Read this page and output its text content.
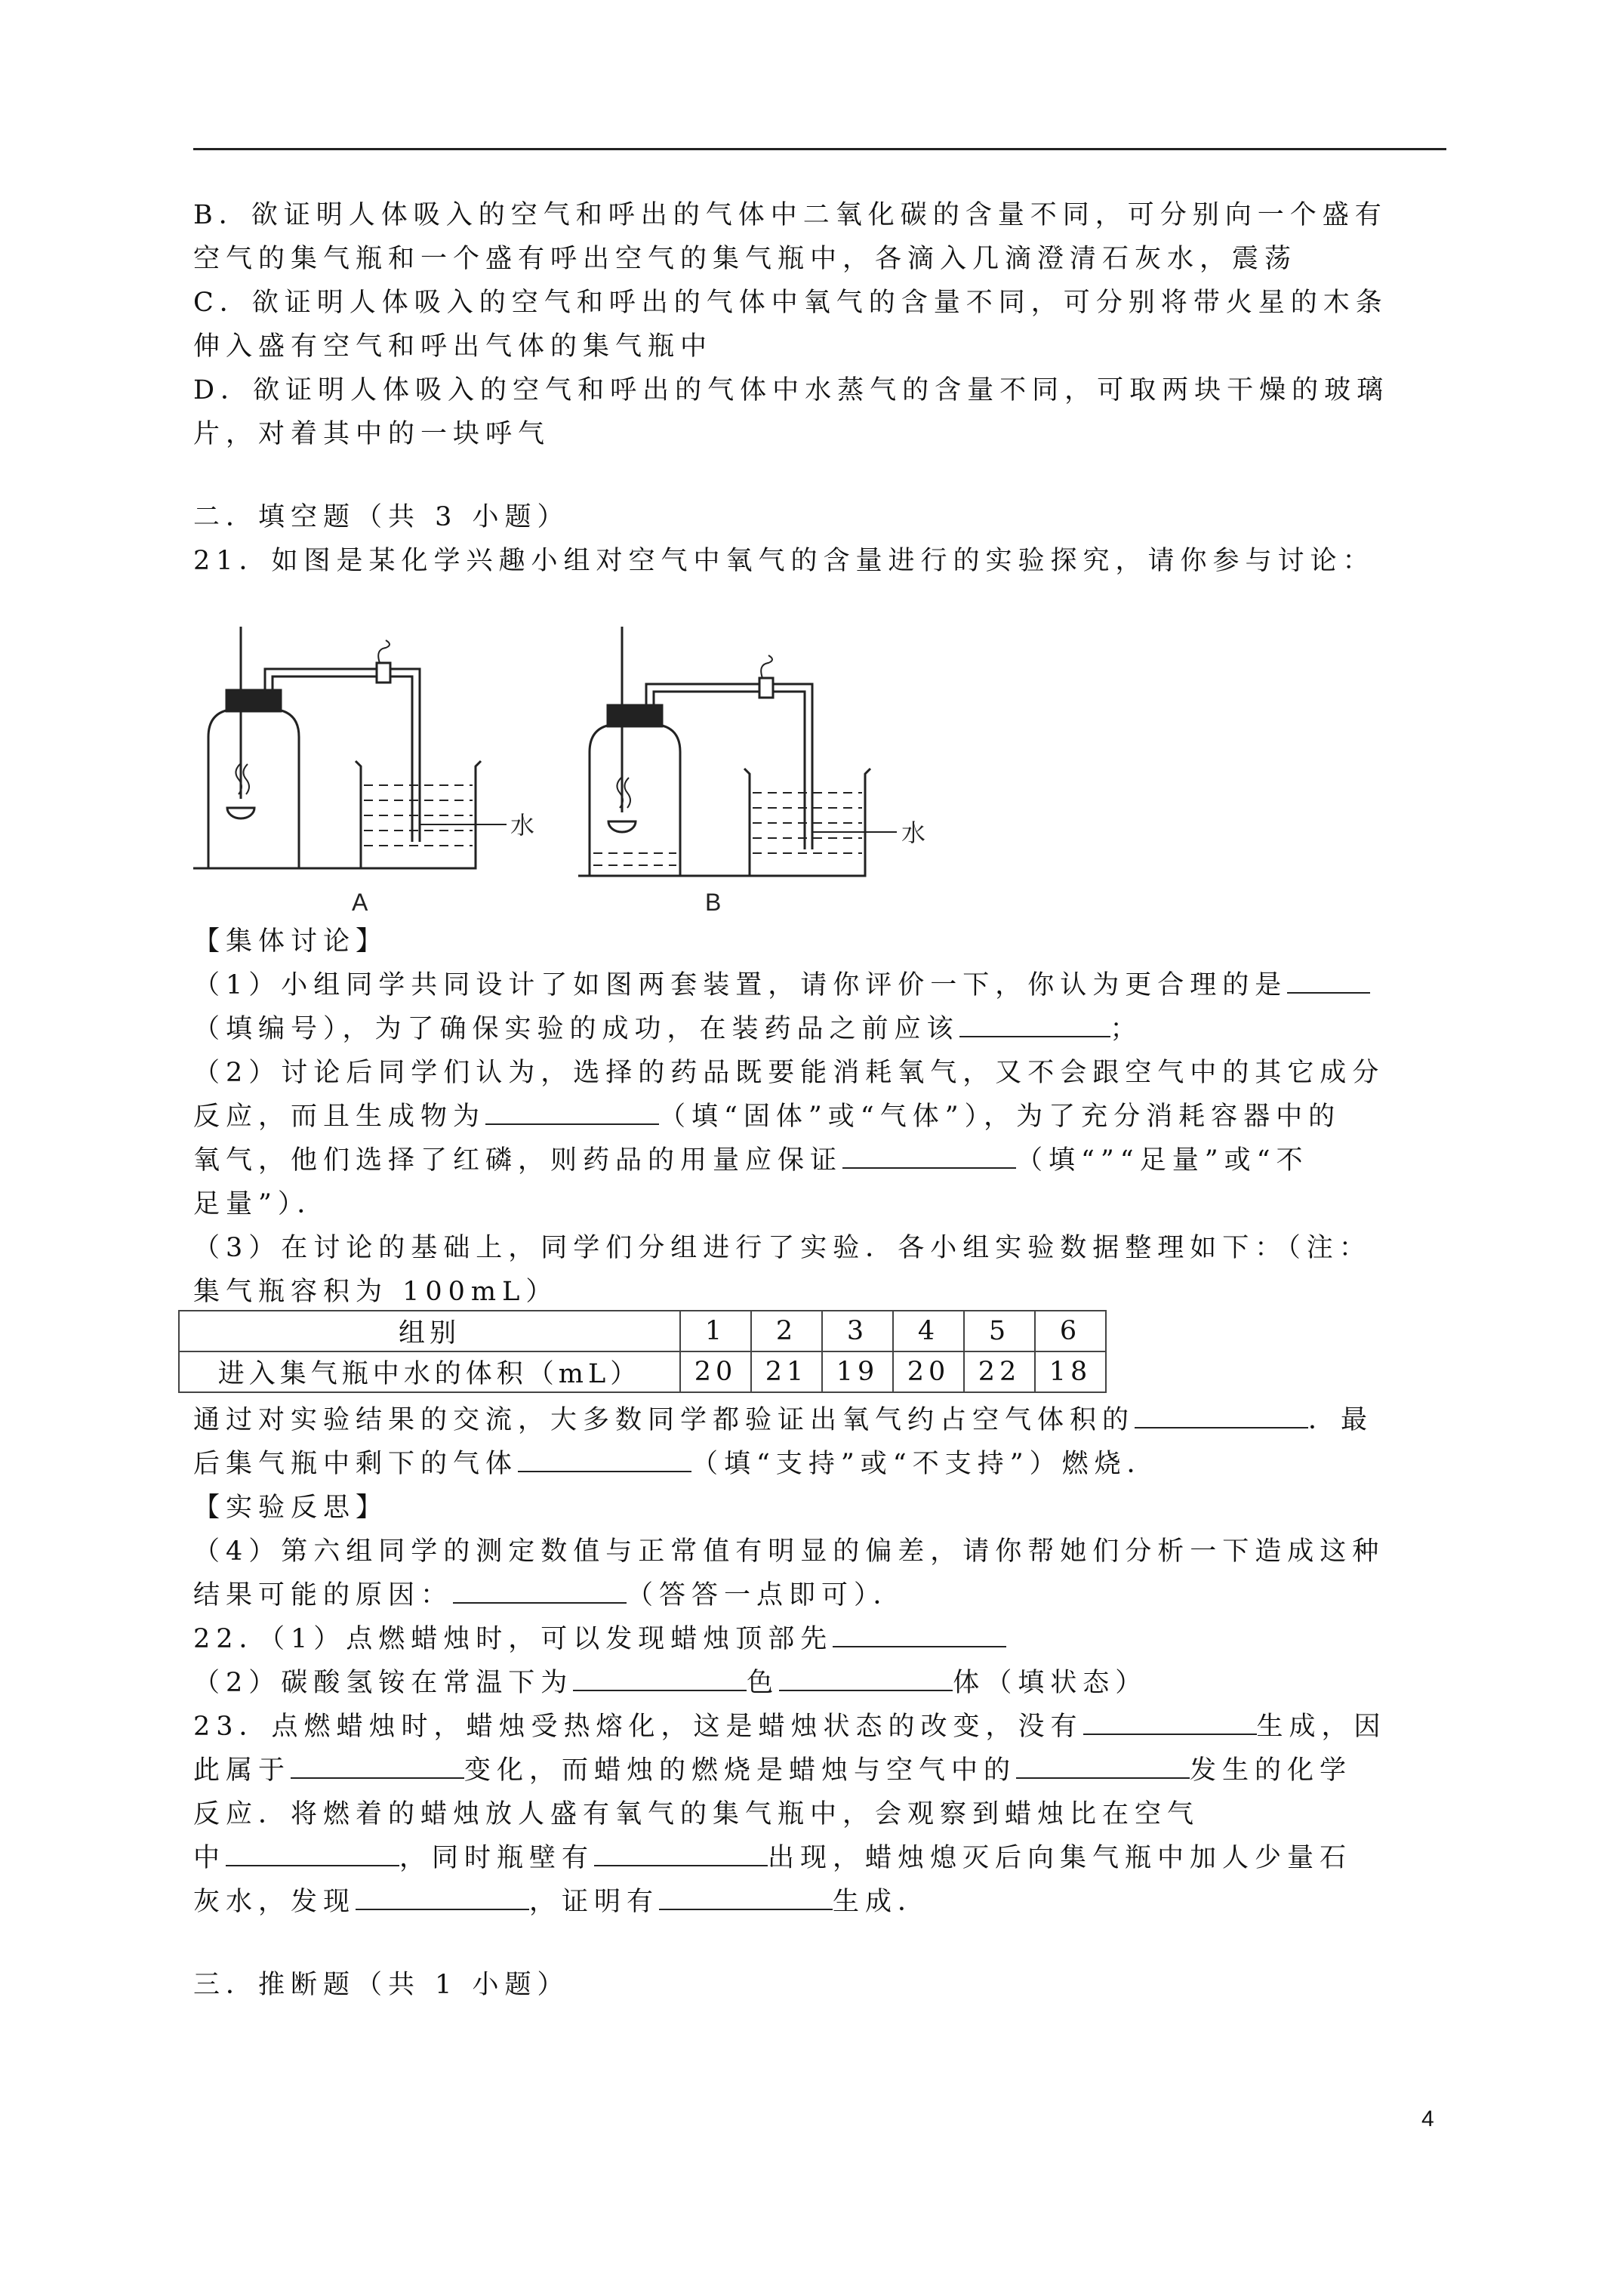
B．欲证明人体吸入的空气和呼出的气体中二氧化碳的含量不同，可分别向一个盛有
空气的集气瓶和一个盛有呼出空气的集气瓶中，各滴入几滴澄清石灰水，震荡
C．欲证明人体吸入的空气和呼出的气体中氧气的含量不同，可分别将带火星的木条
伸入盛有空气和呼出气体的集气瓶中
D．欲证明人体吸入的空气和呼出的气体中水蒸气的含量不同，可取两块干燥的玻璃
片，对着其中的一块呼气
二．填空题（共 3 小题）
21．如图是某化学兴趣小组对空气中氧气的含量进行的实验探究，请你参与讨论：
水	水
A	B
【集体讨论】
（1）小组同学共同设计了如图两套装置，请你评价一下，你认为更合理的是
（填编号），为了确保实验的成功，在装药品之前应该	；
（2）讨论后同学们认为，选择的药品既要能消耗氧气，又不会跟空气中的其它成分
反应，而且生成物为	（填“固体”或“气体”），为了充分消耗容器中的
氧气，他们选择了红磷，则药品的用量应保证	（填“”“足量”或“不
足量”）．
（3）在讨论的基础上，同学们分组进行了实验．各小组实验数据整理如下：（注：
集气瓶容积为 100mL）
组别	1	2	3	4	5	6
进入集气瓶中水的体积（mL）	20	21	19	20	22	18
通过对实验结果的交流，大多数同学都验证出氧气约占空气体积的	．最
后集气瓶中剩下的气体	（填“支持”或“不支持”）燃烧．
【实验反思】
（4）第六组同学的测定数值与正常值有明显的偏差，请你帮她们分析一下造成这种
结果可能的原因：	（答答一点即可）．
22．（1）点燃蜡烛时，可以发现蜡烛顶部先
（2）碳酸氢铵在常温下为	色	体（填状态）
23．点燃蜡烛时，蜡烛受热熔化，这是蜡烛状态的改变，没有	生成，因
此属于	变化，而蜡烛的燃烧是蜡烛与空气中的	发生的化学
反应．将燃着的蜡烛放人盛有氧气的集气瓶中，会观察到蜡烛比在空气
中	，同时瓶壁有	出现，蜡烛熄灭后向集气瓶中加人少量石
灰水，发现	，证明有	生成．
三．推断题（共 1 小题）
4
